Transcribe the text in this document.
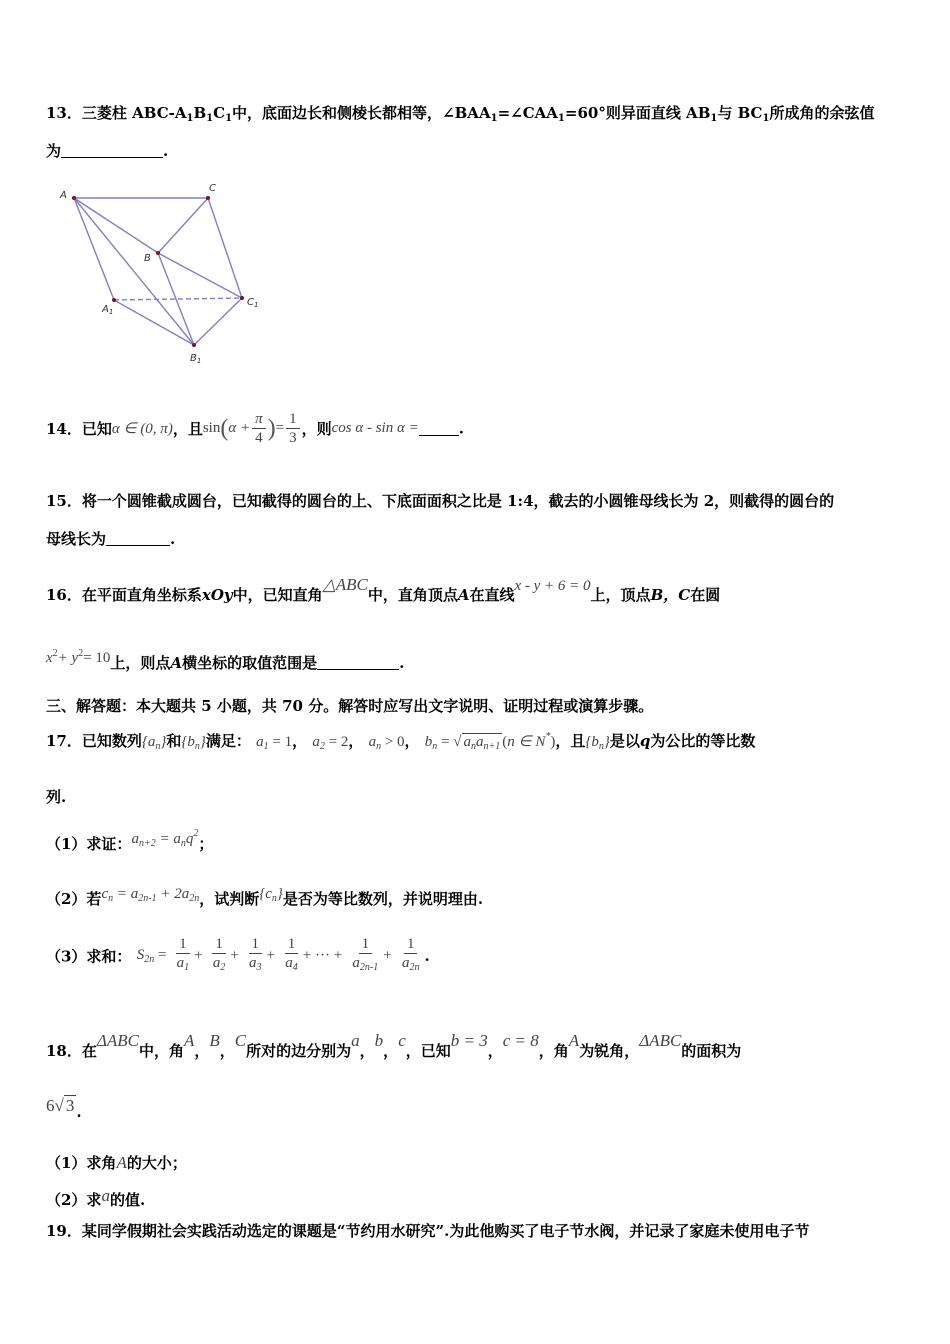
13．三菱柱 ABC-$A_1B_1C_1$中，底面边长和侧棱长都相等，$\angle BAA_1=\angle CAA_1=60^\circ$则异面直线 $AB_1$与 $BC_1$所成角的余弦值
为	.
A
C
B
$A_1$
$C_1$
$B_1$
14．已知α ∈ (0, π)，且$\sin(\alpha + \frac{\pi}{4}$ )= $\frac{1}{3}$ ，则cos α - sin α =	.
15．将一个圆锥截成圆台，已知截得的圆台的上、下底面面积之比是 1:4，截去的小圆锥母线长为 2，则截得的圆台的
母线长为	.
16．在平面直角坐标系xOy中，已知直角△ABC中，直角顶点A在直线x - y + 6 = 0上，顶点B，C在圆
$x^2+ y^2= 10$上，则点A横坐标的取值范围是	.
三、解答题：本大题共 5 小题，共 70 分。解答时应写出文字说明、证明过程或演算步骤。
17．已知数列$\{a_n\}$和$\{b_n\}$满足： $a_1 = 1$， $a_2 = 2$， $a_n > 0$， $b_n$ = √ $a_na_{n+1}$ (n ∈ N*)，且$\{b_n\}$是以q为公比的等比数
列.
（1）求证：$a_{n+2} = a_nq^2$；
（2）若$c_n = a_{2n-1} + 2a_{2n}$，试判断$\{c_n\}$是否为等比数列，并说明理由.
（3）求和： $S_{2n} = \frac{1}{a_1} + \frac{1}{a_2} + \frac{1}{a_3} + \frac{1}{a_4}$ + ··· + $\frac{1}{a_{2n-1}} + \frac{1}{a_{2n}}$ .
18．在ΔABC中，角A，B，C所对的边分别为a，b，c，已知b = 3，c = 8，角A为锐角，ΔABC的面积为
6√ 3 .
（1）求角A的大小；
（2）求a的值.
19．某同学假期社会实践活动选定的课题是“节约用水研究”.为此他购买了电子节水阀，并记录了家庭未使用电子节
